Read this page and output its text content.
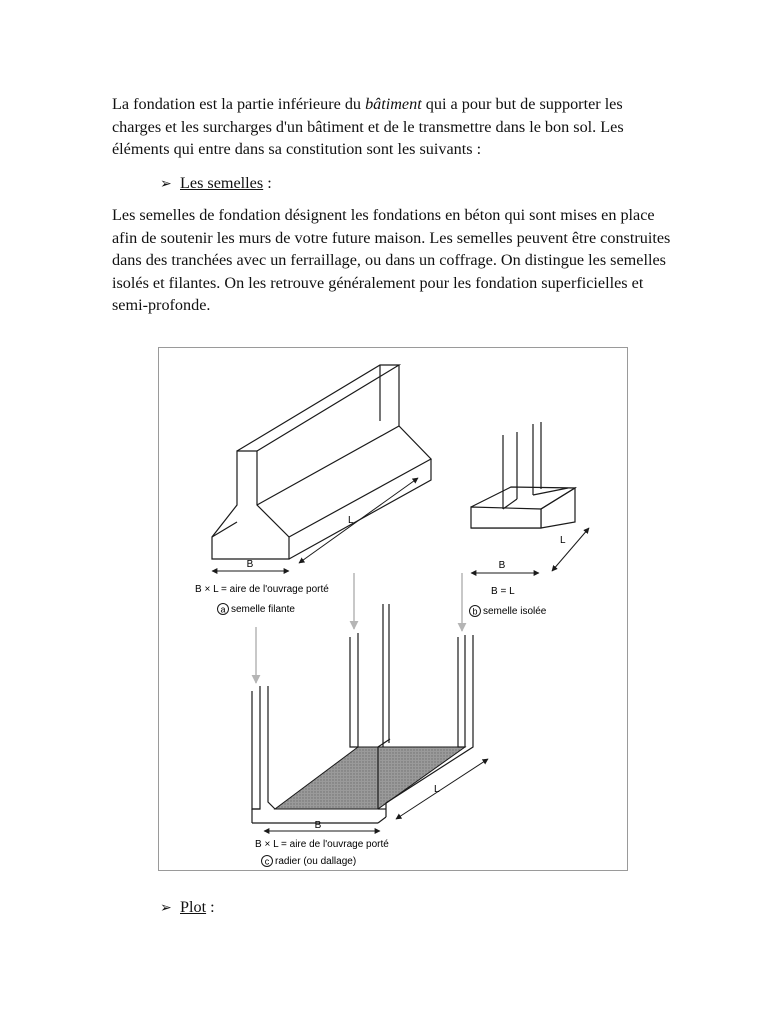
La fondation est la partie inférieure du bâtiment qui a pour but de supporter les charges et les surcharges d'un bâtiment et de le transmettre dans le bon sol. Les éléments qui entre dans sa constitution sont les suivants :

➢ Les semelles :

Les semelles de fondation désignent les fondations en béton qui sont mises en place afin de soutenir les murs de votre future maison. Les semelles peuvent être construites dans des tranchées avec un ferraillage, ou dans un coffrage. On distingue les semelles isolés et filantes. On les retrouve généralement pour les fondation superficielles et semi-profonde.

B
L
B × L = aire de l'ouvrage porté
a semelle filante
B
L
B = L
b semelle isolée
B
L
B × L = aire de l'ouvrage porté
c radier (ou dallage)
➢ Plot :
